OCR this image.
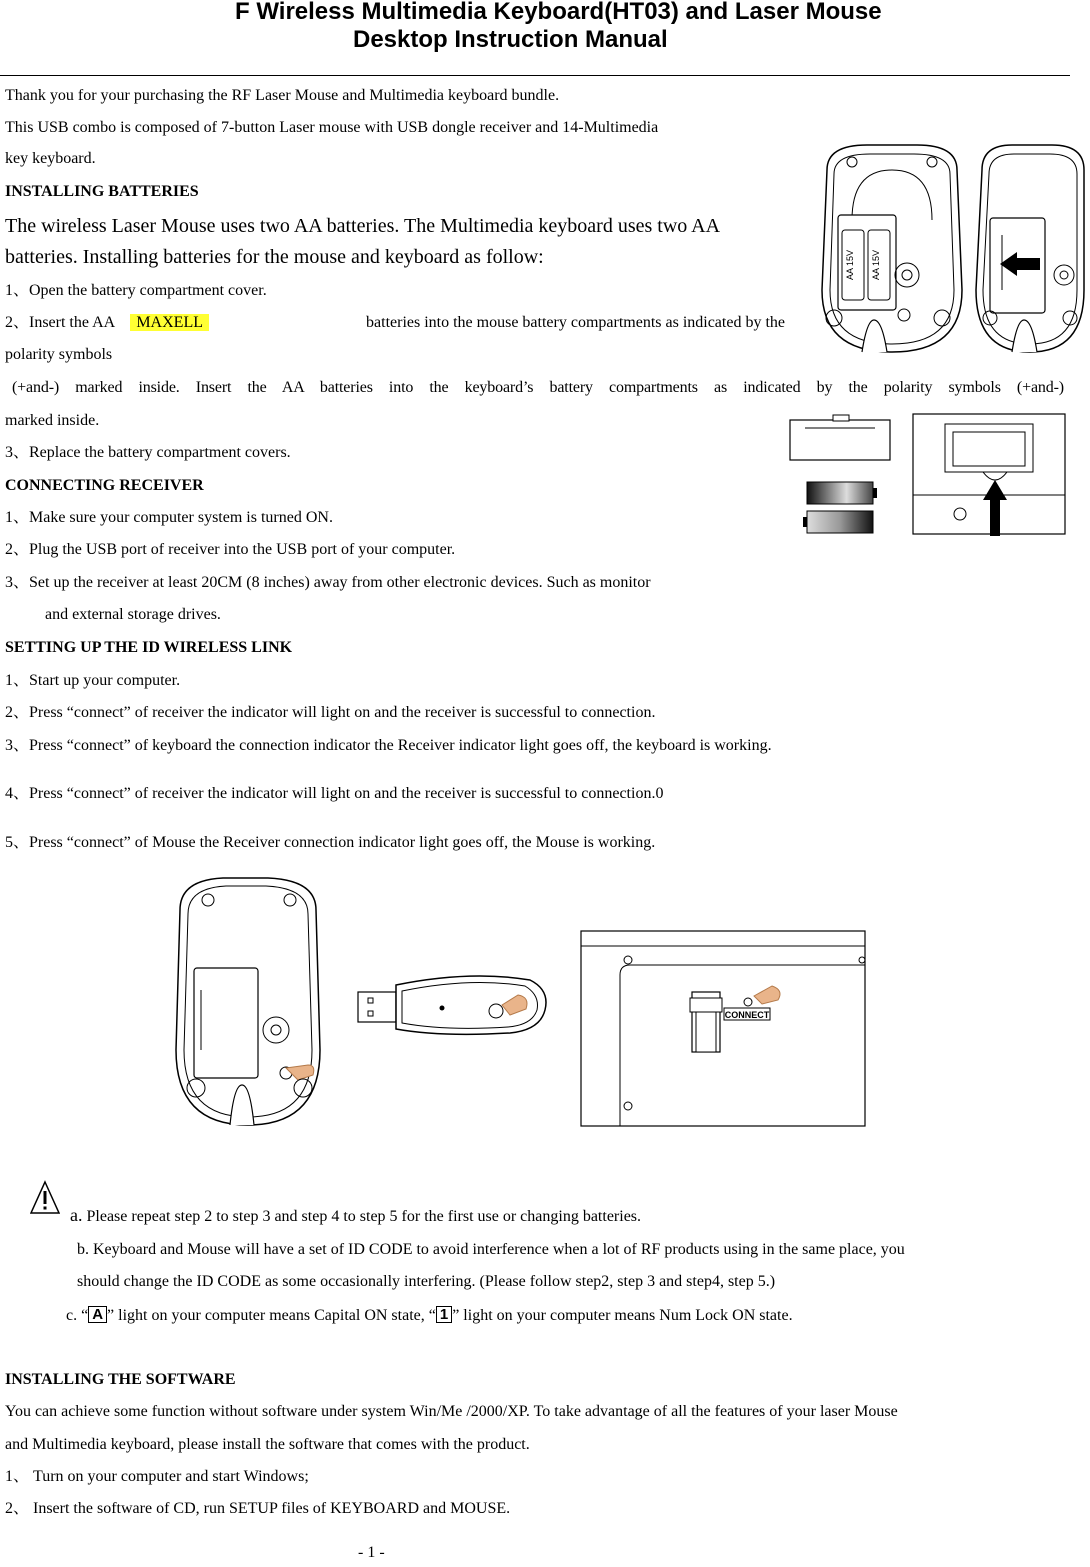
F Wireless Multimedia Keyboard(HT03) and Laser Mouse
Desktop Instruction Manual
Thank you for your purchasing the RF Laser Mouse and Multimedia keyboard bundle.
This USB combo is composed of 7-button Laser mouse with USB dongle receiver and 14-Multimedia
key keyboard.
INSTALLING BATTERIES
The wireless Laser Mouse uses two AA batteries. The Multimedia keyboard uses two AA
batteries. Installing batteries for the mouse and keyboard as follow:
1、Open the battery compartment cover.
2、Insert the AA MAXELL	batteries into the mouse battery compartments as indicated by the
polarity symbols
(+and-) marked inside. Insert the AA batteries into the keyboard’s battery compartments as indicated by the polarity symbols (+and-)
marked inside.
3、Replace the battery compartment covers.
CONNECTING RECEIVER
1、Make sure your computer system is turned ON.
2、Plug the USB port of receiver into the USB port of your computer.
3、Set up the receiver at least 20CM (8 inches) away from other electronic devices. Such as monitor
and external storage drives.
SETTING UP THE ID WIRELESS LINK
1、Start up your computer.
2、Press “connect” of receiver the indicator will light on and the receiver is successful to connection.
3、Press “connect” of keyboard the connection indicator the Receiver indicator light goes off, the keyboard is working.
4、Press “connect” of receiver the indicator will light on and the receiver is successful to connection.0
5、Press “connect” of Mouse the Receiver connection indicator light goes off, the Mouse is working.
AA 15V AA 15V
CONNECT
a. Please repeat step 2 to step 3 and step 4 to step 5 for the first use or changing batteries.
b. Keyboard and Mouse will have a set of ID CODE to avoid interference when a lot of RF products using in the same place, you
should change the ID CODE as some occasionally interfering. (Please follow step2, step 3 and step4, step 5.)
c. “ A ” light on your computer means Capital ON state, “ 1 ” light on your computer means Num Lock ON state.
INSTALLING THE SOFTWARE
You can achieve some function without software under system Win/Me /2000/XP. To take advantage of all the features of your laser Mouse
and Multimedia keyboard, please install the software that comes with the product.
1、 Turn on your computer and start Windows;
2、 Insert the software of CD, run SETUP files of KEYBOARD and MOUSE.
- 1 -
